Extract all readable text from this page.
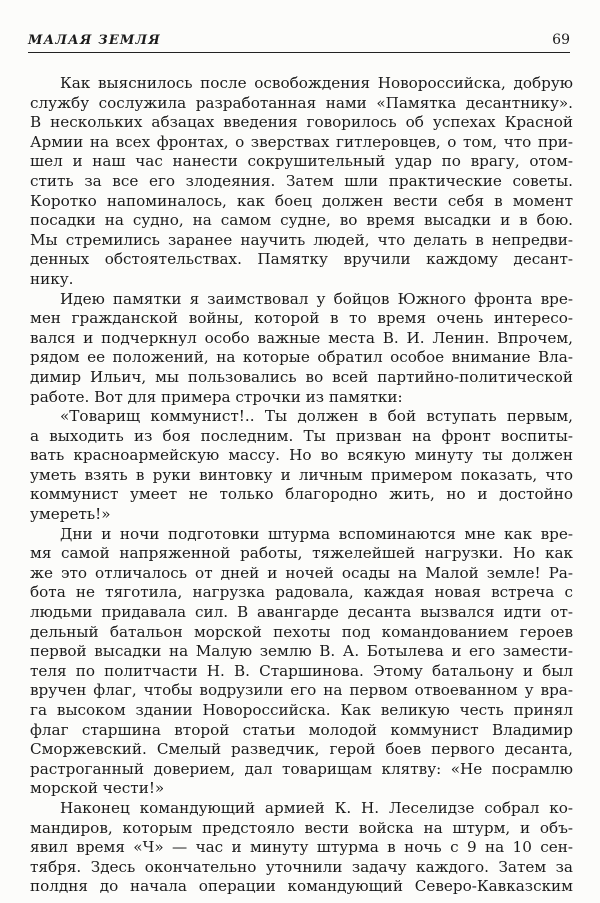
МАЛАЯ ЗЕМЛЯ	69
Как выяснилось после освобождения Новороссийска, добрую
службу сослужила разработанная нами «Памятка десантнику».
В нескольких абзацах введения говорилось об успехах Красной
Армии на всех фронтах, о зверствах гитлеровцев, о том, что при-
шел и наш час нанести сокрушительный удар по врагу, отом-
стить за все его злодеяния. Затем шли практические советы.
Коротко напоминалось, как боец должен вести себя в момент
посадки на судно, на самом судне, во время высадки и в бою.
Мы стремились заранее научить людей, что делать в непредви-
денных обстоятельствах. Памятку вручили каждому десант-
нику.
Идею памятки я заимствовал у бойцов Южного фронта вре-
мен гражданской войны, которой в то время очень интересо-
вался и подчеркнул особо важные места В. И. Ленин. Впрочем,
рядом ее положений, на которые обратил особое внимание Вла-
димир Ильич, мы пользовались во всей партийно-политической
работе. Вот для примера строчки из памятки:
«Товарищ коммунист!.. Ты должен в бой вступать первым,
а выходить из боя последним. Ты призван на фронт воспиты-
вать красноармейскую массу. Но во всякую минуту ты должен
уметь взять в руки винтовку и личным примером показать, что
коммунист умеет не только благородно жить, но и достойно
умереть!»
Дни и ночи подготовки штурма вспоминаются мне как вре-
мя самой напряженной работы, тяжелейшей нагрузки. Но как
же это отличалось от дней и ночей осады на Малой земле! Ра-
бота не тяготила, нагрузка радовала, каждая новая встреча с
людьми придавала сил. В авангарде десанта вызвался идти от-
дельный батальон морской пехоты под командованием героев
первой высадки на Малую землю В. А. Ботылева и его замести-
теля по политчасти Н. В. Старшинова. Этому батальону и был
вручен флаг, чтобы водрузили его на первом отвоеванном у вра-
га высоком здании Новороссийска. Как великую честь принял
флаг старшина второй статьи молодой коммунист Владимир
Сморжевский. Смелый разведчик, герой боев первого десанта,
растроганный доверием, дал товарищам клятву: «Не посрамлю
морской чести!»
Наконец командующий армией К. Н. Леселидзе собрал ко-
мандиров, которым предстояло вести войска на штурм, и объ-
явил время «Ч» — час и минуту штурма в ночь с 9 на 10 сен-
тября. Здесь окончательно уточнили задачу каждого. Затем за
полдня до начала операции командующий Северо-Кавказским
